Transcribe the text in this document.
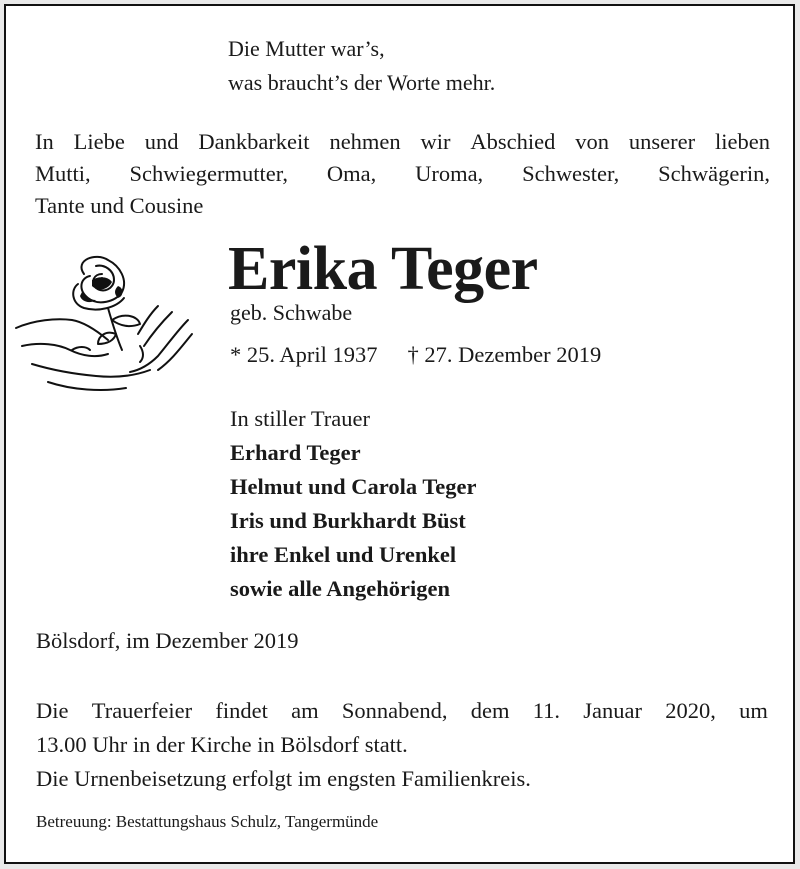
Die Mutter war’s,
was braucht’s der Worte mehr.
In Liebe und Dankbarkeit nehmen wir Abschied von unserer lieben
Mutti, Schwiegermutter, Oma, Uroma, Schwester, Schwägerin,
Tante und Cousine
Erika Teger
geb. Schwabe
* 25. April 1937 † 27. Dezember 2019
In stiller Trauer
Erhard Teger
Helmut und Carola Teger
Iris und Burkhardt Büst
ihre Enkel und Urenkel
sowie alle Angehörigen
Bölsdorf, im Dezember 2019
Die Trauerfeier findet am Sonnabend, dem 11. Januar 2020, um
13.00 Uhr in der Kirche in Bölsdorf statt.
Die Urnenbeisetzung erfolgt im engsten Familienkreis.
Betreuung: Bestattungshaus Schulz, Tangermünde
